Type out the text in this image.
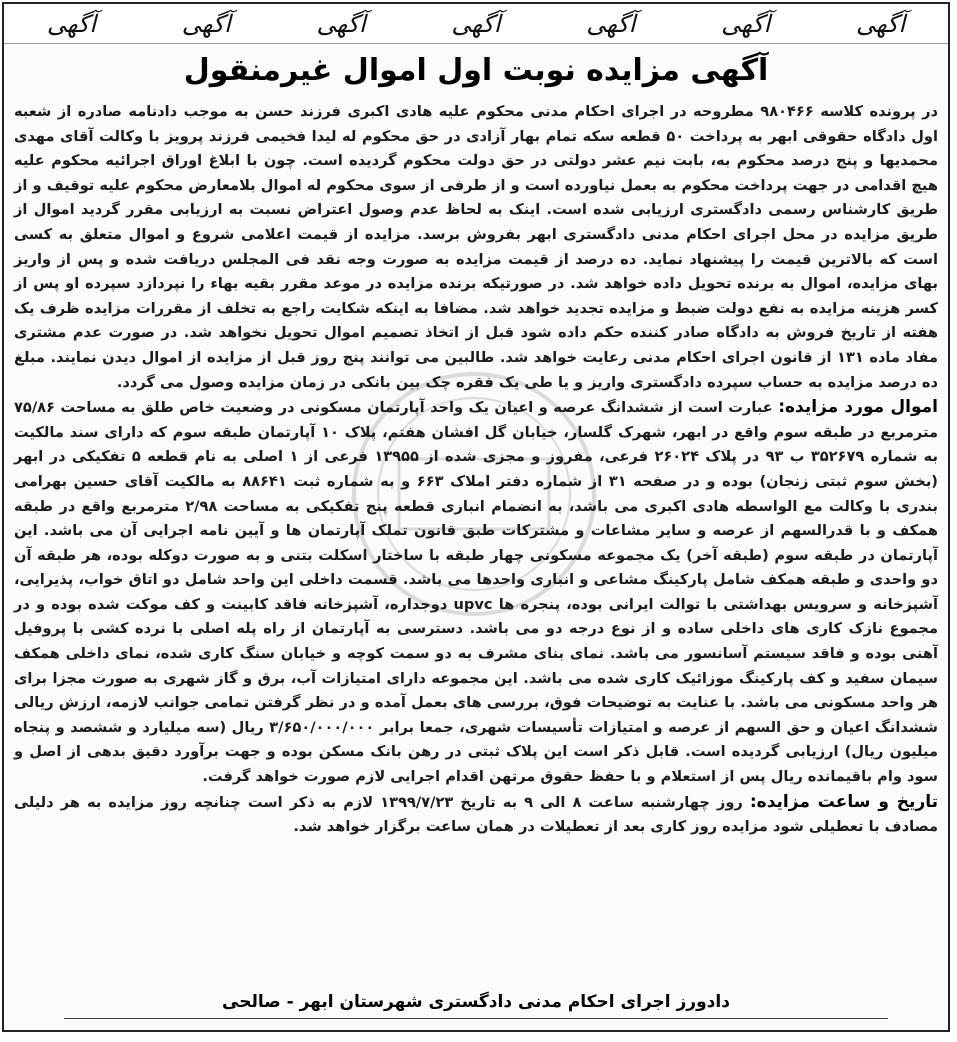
آگهی
آگهی
آگهی
آگهی
آگهی
آگهی
آگهی
آگهی مزایده نوبت اول اموال غیرمنقول

در پرونده کلاسه ۹۸۰۴۶۶ مطروحه در اجرای احکام مدنی محکوم علیه هادی اکبری فرزند حسن به موجب دادنامه صادره از شعبه اول دادگاه حقوقی ابهر به پرداخت ۵۰ قطعه سکه تمام بهار آزادی در حق محکوم له لیدا فخیمی فرزند پرویز با وکالت آقای مهدی محمدیها و پنج درصد محکوم به، بابت نیم عشر دولتی در حق دولت محکوم گردیده است. چون با ابلاغ اوراق اجرائیه محکوم علیه هیچ اقدامی در جهت پرداخت محکوم به بعمل نیاورده است و از طرفی از سوی محکوم له اموال بلامعارض محکوم علیه توقیف و از طریق کارشناس رسمی دادگستری ارزیابی شده است. اینک به لحاظ عدم وصول اعتراض نسبت به ارزیابی مقرر گردید اموال از طریق مزایده در محل اجرای احکام مدنی دادگستری ابهر بفروش برسد. مزایده از قیمت اعلامی شروع و اموال متعلق به کسی است که بالاترین قیمت را پیشنهاد نماید. ده درصد از قیمت مزایده به صورت وجه نقد فی المجلس دریافت شده و پس از واریز بهای مزایده، اموال به برنده تحویل داده خواهد شد. در صورتیکه برنده مزایده در موعد مقرر بقیه بهاء را نپردازد سپرده او پس از کسر هزینه مزایده به نفع دولت ضبط و مزایده تجدید خواهد شد. مضافا به اینکه شکایت راجع به تخلف از مقررات مزایده ظرف یک هفته از تاریخ فروش به دادگاه صادر کننده حکم داده شود قبل از اتخاذ تصمیم اموال تحویل نخواهد شد. در صورت عدم مشتری مفاد ماده ۱۳۱ از قانون اجرای احکام مدنی رعایت خواهد شد. طالبین می توانند پنج روز قبل از مزایده از اموال دیدن نمایند. مبلغ ده درصد مزایده به حساب سپرده دادگستری واریز و یا طی یک فقره چک بین بانکی در زمان مزایده وصول می گردد.

اموال مورد مزایده: عبارت است از ششدانگ عرصه و اعیان یک واحد آپارتمان مسکونی در وضعیت خاص طلق به مساحت ۷۵/۸۶ مترمربع در طبقه سوم واقع در ابهر، شهرک گلسار، خیابان گل افشان هفتم، پلاک ۱۰ آپارتمان طبقه سوم که دارای سند مالکیت به شماره ۳۵۲۶۷۹ ب ۹۳ در پلاک ۲۶۰۲۴ فرعی، مفروز و مجزی شده از ۱۳۹۵۵ فرعی از ۱ اصلی به نام قطعه ۵ تفکیکی در ابهر (بخش سوم ثبتی زنجان) بوده و در صفحه ۳۱ از شماره دفتر املاک ۶۶۳ و به شماره ثبت ۸۸۶۴۱ به مالکیت آقای حسین بهرامی بندری با وکالت مع الواسطه هادی اکبری می باشد، به انضمام انباری قطعه پنج تفکیکی به مساحت ۲/۹۸ مترمربع واقع در طبقه همکف و با قدرالسهم از عرصه و سایر مشاعات و مشترکات طبق قانون تملک آپارتمان ها و آیین نامه اجرایی آن می باشد. این آپارتمان در طبقه سوم (طبقه آخر) یک مجموعه مسکونی چهار طبقه با ساختار اسکلت بتنی و به صورت دوکله بوده، هر طبقه آن دو واحدی و طبقه همکف شامل پارکینگ مشاعی و انباری واحدها می باشد. قسمت داخلی این واحد شامل دو اتاق خواب، پذیرایی، آشپزخانه و سرویس بهداشتی با توالت ایرانی بوده، پنجره ها upvc دوجداره، آشپزخانه فاقد کابینت و کف موکت شده بوده و در مجموع نازک کاری های داخلی ساده و از نوع درجه دو می باشد. دسترسی به آپارتمان از راه پله اصلی با نرده کشی با پروفیل آهنی بوده و فاقد سیستم آسانسور می باشد. نمای بنای مشرف به دو سمت کوچه و خیابان سنگ کاری شده، نمای داخلی همکف سیمان سفید و کف پارکینگ موزائیک کاری شده می باشد. این مجموعه دارای امتیازات آب، برق و گاز شهری به صورت مجزا برای هر واحد مسکونی می باشد. با عنایت به توضیحات فوق، بررسی های بعمل آمده و در نظر گرفتن تمامی جوانب لازمه، ارزش ریالی ششدانگ اعیان و حق السهم از عرصه و امتیازات تأسیسات شهری، جمعا برابر ۳/۶۵۰/۰۰۰/۰۰۰ ریال (سه میلیارد و ششصد و پنجاه میلیون ریال) ارزیابی گردیده است. قابل ذکر است این پلاک ثبتی در رهن بانک مسکن بوده و جهت برآورد دقیق بدهی از اصل و سود وام باقیمانده ریال پس از استعلام و با حفظ حقوق مرتهن اقدام اجرایی لازم صورت خواهد گرفت.

تاریخ و ساعت مزایده: روز چهارشنبه ساعت ۸ الی ۹ به تاریخ ۱۳۹۹/۷/۲۳ لازم به ذکر است چنانچه روز مزایده به هر دلیلی مصادف با تعطیلی شود مزایده روز کاری بعد از تعطیلات در همان ساعت برگزار خواهد شد.

دادورز اجرای احکام مدنی دادگستری شهرستان ابهر - صالحی
